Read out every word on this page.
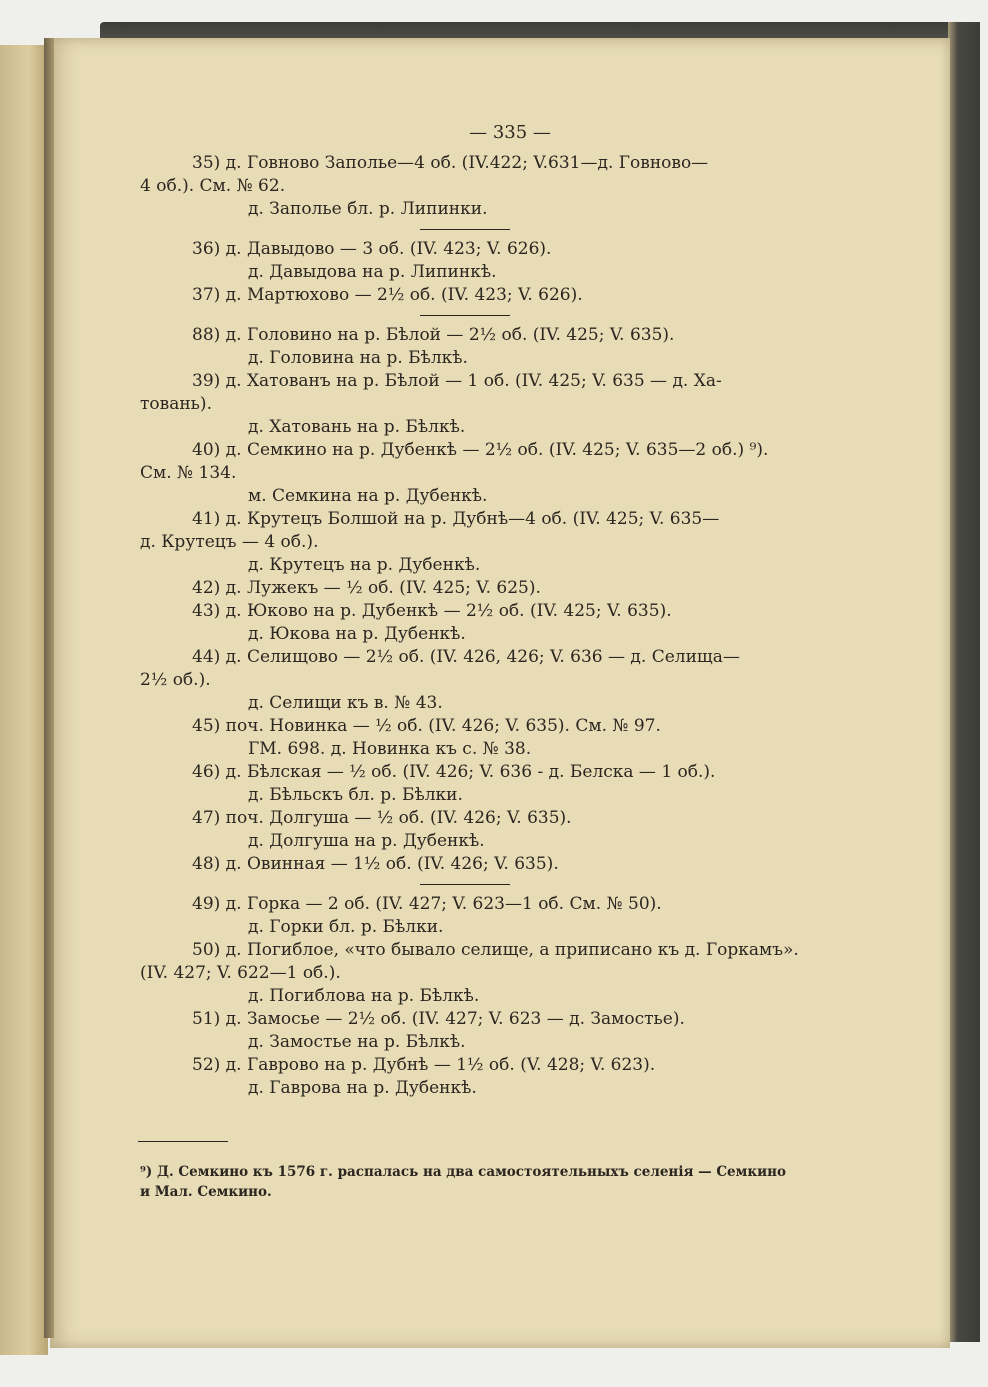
— 335 —
35) д. Говново Заполье—4 об. (IV.422; V.631—д. Говново—
4 об.). См. № 62.
д. Заполье бл. р. Липинки.
36) д. Давыдово — 3 об. (IV. 423; V. 626).
д. Давыдова на р. Липинкѣ.
37) д. Мартюхово — 2½ об. (IV. 423; V. 626).
88) д. Головино на р. Бѣлой — 2½ об. (IV. 425; V. 635).
д. Головина на р. Бѣлкѣ.
39) д. Хатованъ на р. Бѣлой — 1 об. (IV. 425; V. 635 — д. Ха-
товань).
д. Хатовань на р. Бѣлкѣ.
40) д. Семкино на р. Дубенкѣ — 2½ об. (IV. 425; V. 635—2 об.) ⁹).
См. № 134.
м. Семкина на р. Дубенкѣ.
41) д. Крутецъ Болшой на р. Дубнѣ—4 об. (IV. 425; V. 635—
д. Крутецъ — 4 об.).
д. Крутецъ на р. Дубенкѣ.
42) д. Лужекъ — ½ об. (IV. 425; V. 625).
43) д. Юково на р. Дубенкѣ — 2½ об. (IV. 425; V. 635).
д. Юкова на р. Дубенкѣ.
44) д. Селищово — 2½ об. (IV. 426, 426; V. 636 — д. Селища—
2½ об.).
д. Селищи къ в. № 43.
45) поч. Новинка — ½ об. (IV. 426; V. 635). См. № 97.
ГМ. 698. д. Новинка къ с. № 38.
46) д. Бѣлская — ½ об. (IV. 426; V. 636 - д. Белска — 1 об.).
д. Бѣльскъ бл. р. Бѣлки.
47) поч. Долгуша — ½ об. (IV. 426; V. 635).
д. Долгуша на р. Дубенкѣ.
48) д. Овинная — 1½ об. (IV. 426; V. 635).
49) д. Горка — 2 об. (IV. 427; V. 623—1 об. См. № 50).
д. Горки бл. р. Бѣлки.
50) д. Погиблое, «что бывало селище, а приписано къ д. Горкамъ».
(IV. 427; V. 622—1 об.).
д. Погиблова на р. Бѣлкѣ.
51) д. Замосье — 2½ об. (IV. 427; V. 623 — д. Замостье).
д. Замостье на р. Бѣлкѣ.
52) д. Гаврово на р. Дубнѣ — 1½ об. (V. 428; V. 623).
д. Гаврова на р. Дубенкѣ.
⁹) Д. Семкино къ 1576 г. распалась на два самостоятельныхъ селенія — Семкино
и Мал. Семкино.
